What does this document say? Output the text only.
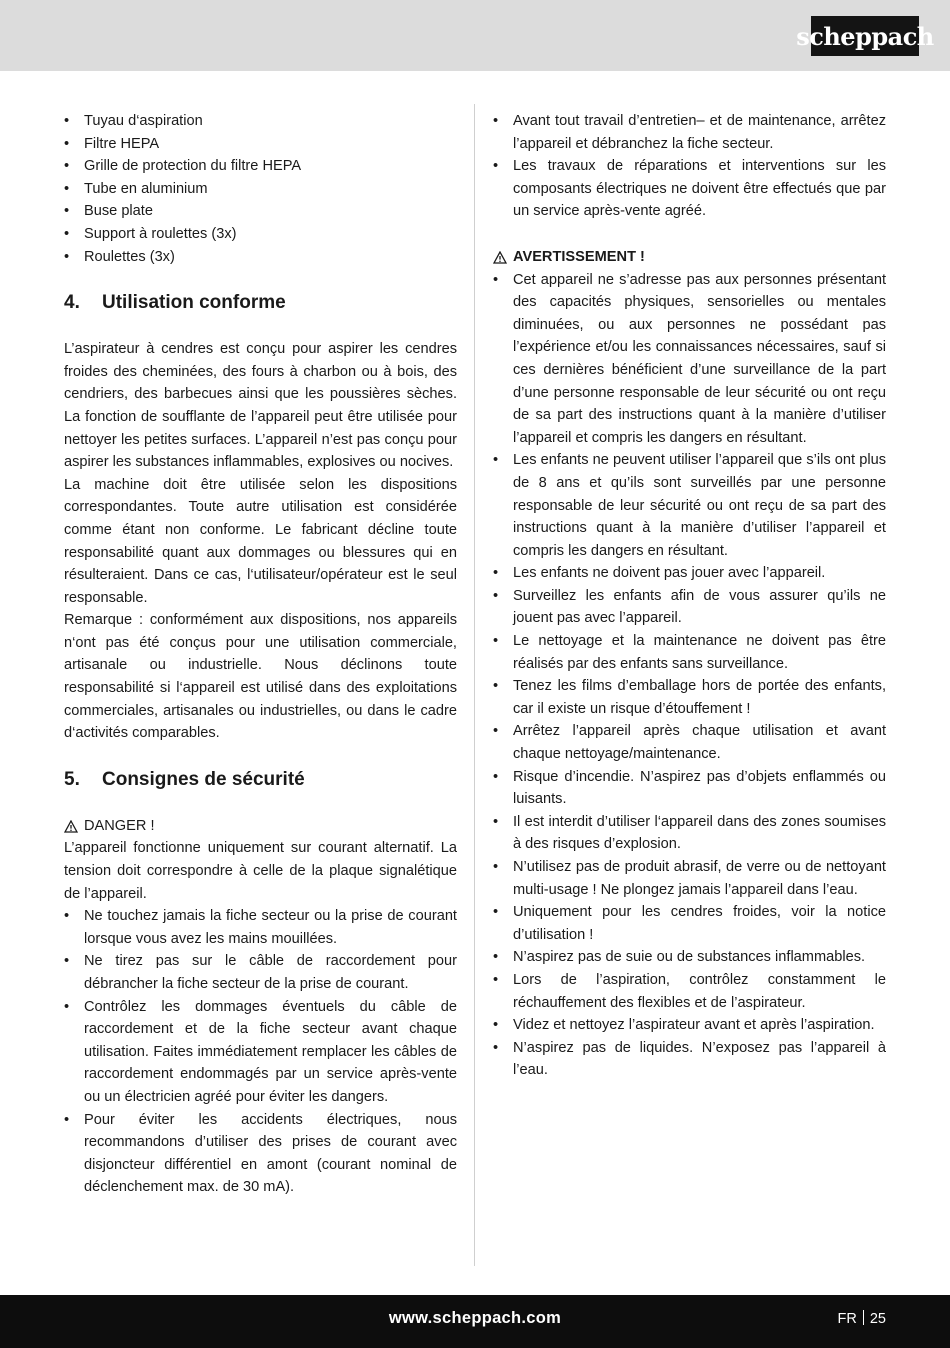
scheppach
• Tuyau d‘aspiration
• Filtre HEPA
• Grille de protection du filtre HEPA
• Tube en aluminium
• Buse plate
• Support à roulettes (3x)
• Roulettes (3x)
4.	Utilisation conforme

L’aspirateur à cendres est conçu pour aspirer les cendres froides des cheminées, des fours à charbon ou à bois, des cendriers, des barbecues ainsi que les poussières sèches. La fonction de soufflante de l’appareil peut être utilisée pour nettoyer les petites surfaces. L’appareil n’est pas conçu pour aspirer les substances inflammables, explosives ou nocives.

La machine doit être utilisée selon les dispositions correspondantes. Toute autre utilisation est considérée comme étant non conforme. Le fabricant décline toute responsabilité quant aux dommages ou blessures qui en résulteraient. Dans ce cas, l‘utilisateur/opérateur est le seul responsable.

Remarque : conformément aux dispositions, nos appareils n‘ont pas été conçus pour une utilisation commerciale, artisanale ou industrielle. Nous déclinons toute responsabilité si l‘appareil est utilisé dans des exploitations commerciales, artisanales ou industrielles, ou dans le cadre d‘activités comparables.

5.	Consignes de sécurité

DANGER !

L’appareil fonctionne uniquement sur courant alternatif. La tension doit correspondre à celle de la plaque signalétique de l’appareil.

• Ne touchez jamais la fiche secteur ou la prise de courant lorsque vous avez les mains mouillées.
• Ne tirez pas sur le câble de raccordement pour débrancher la fiche secteur de la prise de courant.
• Contrôlez les dommages éventuels du câble de raccordement et de la fiche secteur avant chaque utilisation. Faites immédiatement remplacer les câbles de raccordement endommagés par un service après-vente ou un électricien agréé pour éviter les dangers.
• Pour éviter les accidents électriques, nous recommandons d’utiliser des prises de courant avec disjoncteur différentiel en amont (courant nominal de déclenchement max. de 30 mA).
• Avant tout travail d’entretien– et de maintenance, arrêtez l’appareil et débranchez la fiche secteur.
• Les travaux de réparations et interventions sur les composants électriques ne doivent être effectués que par un service après-vente agréé.

AVERTISSEMENT !

• Cet appareil ne s’adresse pas aux personnes présentant des capacités physiques, sensorielles ou mentales diminuées, ou aux personnes ne possédant pas l’expérience et/ou les connaissances nécessaires, sauf si ces dernières bénéficient d’une surveillance de la part d’une personne responsable de leur sécurité ou ont reçu de sa part des instructions quant à la manière d’utiliser l’appareil et compris les dangers en résultant.
• Les enfants ne peuvent utiliser l’appareil que s’ils ont plus de 8 ans et qu’ils sont surveillés par une personne responsable de leur sécurité ou ont reçu de sa part des instructions quant à la manière d’utiliser l’appareil et compris les dangers en résultant.
• Les enfants ne doivent pas jouer avec l’appareil.
• Surveillez les enfants afin de vous assurer qu’ils ne jouent pas avec l’appareil.
• Le nettoyage et la maintenance ne doivent pas être réalisés par des enfants sans surveillance.
• Tenez les films d’emballage hors de portée des enfants, car il existe un risque d’étouffement !
• Arrêtez l’appareil après chaque utilisation et avant chaque nettoyage/maintenance.
• Risque d’incendie. N’aspirez pas d’objets enflammés ou luisants.
• Il est interdit d’utiliser l‘appareil dans des zones soumises à des risques d’explosion.
• N’utilisez pas de produit abrasif, de verre ou de nettoyant multi-usage ! Ne plongez jamais l’appareil dans l’eau.
• Uniquement pour les cendres froides, voir la notice d’utilisation !
• N’aspirez pas de suie ou de substances inflammables.
• Lors de l’aspiration, contrôlez constamment le réchauffement des flexibles et de l’aspirateur.
• Videz et nettoyez l’aspirateur avant et après l’aspiration.
• N’aspirez pas de liquides. N’exposez pas l’appareil à l’eau.
www.scheppach.com	FR 25
